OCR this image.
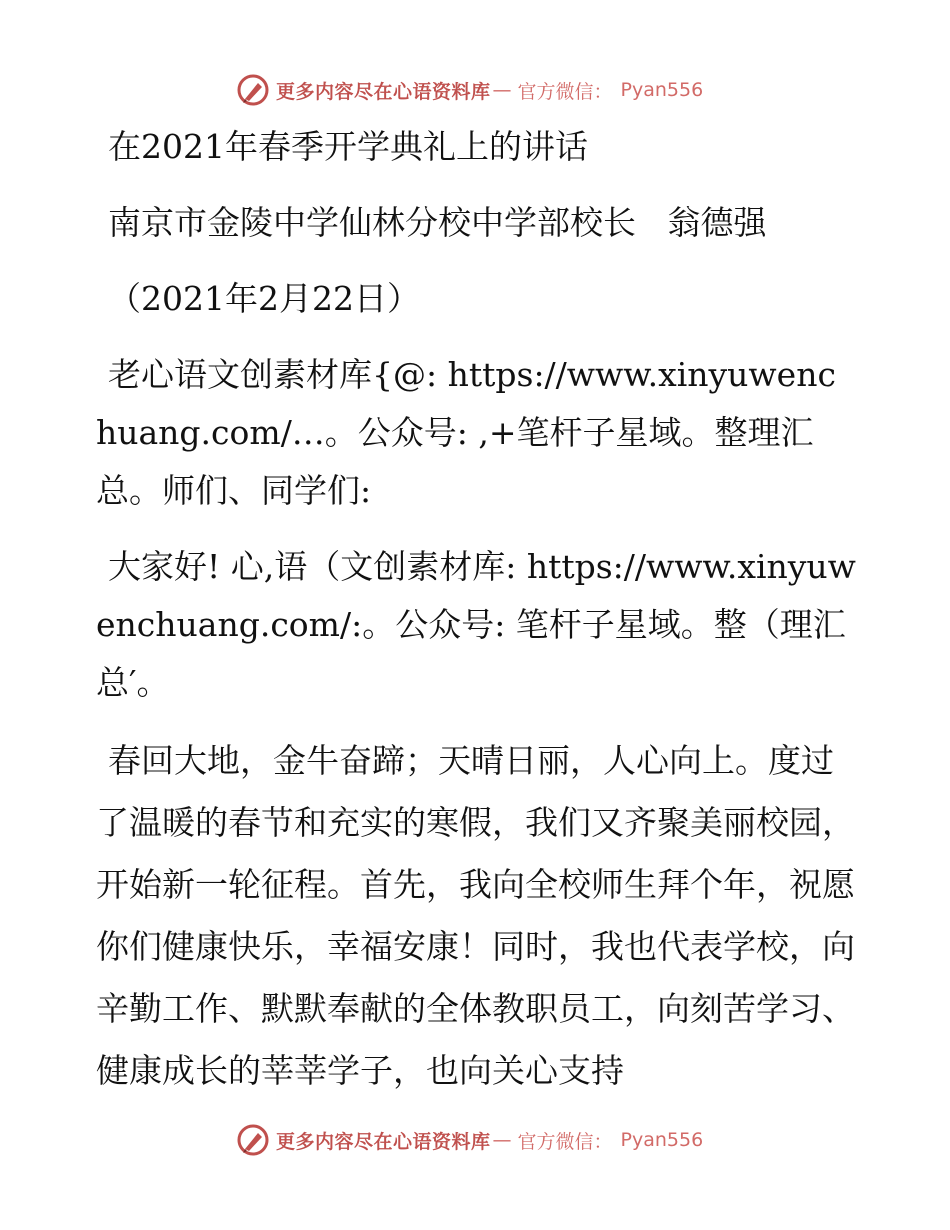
更多内容尽在心语资料库 — 官方微信： Pyan556

在2021年春季开学典礼上的讲话

南京市金陵中学仙林分校中学部校长   翁德强

（2021年2月22日）

老心语文创素材库{@: https://www.xinyuwenchuang.com/…。公众号: ,+笔杆子星域。整理汇总。师们、同学们:

大家好! 心,语（文创素材库: https://www.xinyuwenchuang.com/:。公众号: 笔杆子星域。整（理汇总′。

春回大地，金牛奋蹄；天晴日丽，人心向上。度过了温暖的春节和充实的寒假，我们又齐聚美丽校园，开始新一轮征程。首先，我向全校师生拜个年，祝愿你们健康快乐，幸福安康！同时，我也代表学校，向辛勤工作、默默奉献的全体教职员工，向刻苦学习、健康成长的莘莘学子，也向关心支持

更多内容尽在心语资料库 — 官方微信： Pyan556
